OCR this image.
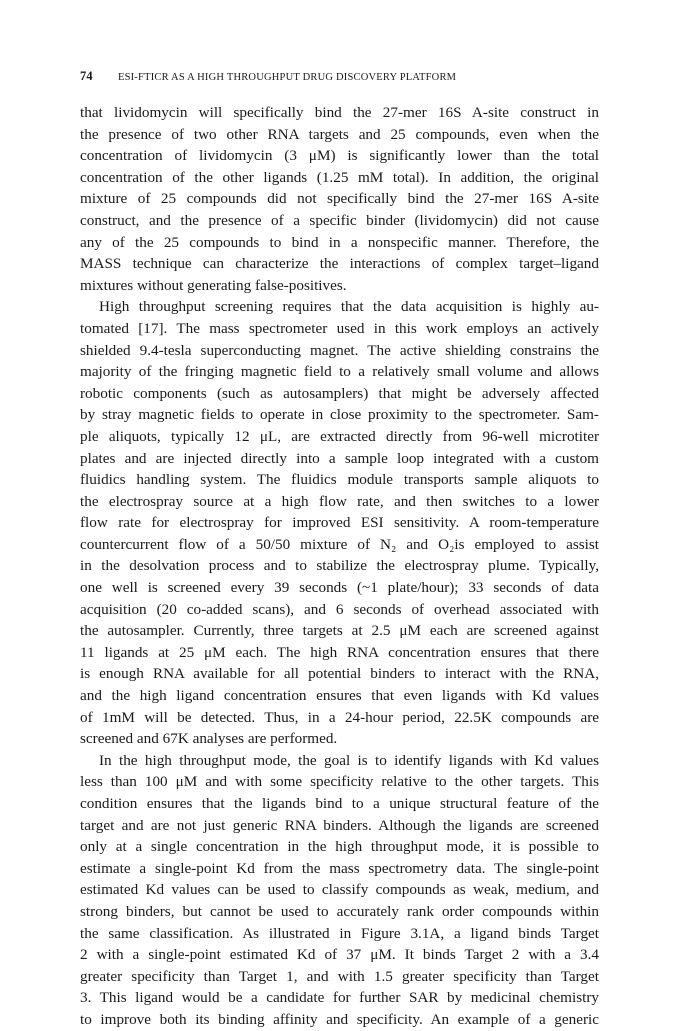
74 ESI-FTICR AS A HIGH THROUGHPUT DRUG DISCOVERY PLATFORM

that lividomycin will specifically bind the 27-mer 16S A-site construct in
the presence of two other RNA targets and 25 compounds, even when the
concentration of lividomycin (3 μM) is significantly lower than the total
concentration of the other ligands (1.25 mM total). In addition, the original
mixture of 25 compounds did not specifically bind the 27-mer 16S A-site
construct, and the presence of a specific binder (lividomycin) did not cause
any of the 25 compounds to bind in a nonspecific manner. Therefore, the
MASS technique can characterize the interactions of complex target–ligand
mixtures without generating false-positives.

High throughput screening requires that the data acquisition is highly au-
tomated [17]. The mass spectrometer used in this work employs an actively
shielded 9.4-tesla superconducting magnet. The active shielding constrains the
majority of the fringing magnetic field to a relatively small volume and allows
robotic components (such as autosamplers) that might be adversely affected
by stray magnetic fields to operate in close proximity to the spectrometer. Sam-
ple aliquots, typically 12 μL, are extracted directly from 96-well microtiter
plates and are injected directly into a sample loop integrated with a custom
fluidics handling system. The fluidics module transports sample aliquots to
the electrospray source at a high flow rate, and then switches to a lower
flow rate for electrospray for improved ESI sensitivity. A room-temperature
countercurrent flow of a 50/50 mixture of N₂ and O₂is employed to assist
in the desolvation process and to stabilize the electrospray plume. Typically,
one well is screened every 39 seconds (~1 plate/hour); 33 seconds of data
acquisition (20 co-added scans), and 6 seconds of overhead associated with
the autosampler. Currently, three targets at 2.5 μM each are screened against
11 ligands at 25 μM each. The high RNA concentration ensures that there
is enough RNA available for all potential binders to interact with the RNA,
and the high ligand concentration ensures that even ligands with Kd values
of 1mM will be detected. Thus, in a 24-hour period, 22.5K compounds are
screened and 67K analyses are performed.

In the high throughput mode, the goal is to identify ligands with Kd values
less than 100 μM and with some specificity relative to the other targets. This
condition ensures that the ligands bind to a unique structural feature of the
target and are not just generic RNA binders. Although the ligands are screened
only at a single concentration in the high throughput mode, it is possible to
estimate a single-point Kd from the mass spectrometry data. The single-point
estimated Kd values can be used to classify compounds as weak, medium, and
strong binders, but cannot be used to accurately rank order compounds within
the same classification. As illustrated in Figure 3.1A, a ligand binds Target
2 with a single-point estimated Kd of 37 μM. It binds Target 2 with a 3.4
greater specificity than Target 1, and with 1.5 greater specificity than Target
3. This ligand would be a candidate for further SAR by medicinal chemistry
to improve both its binding affinity and specificity. An example of a generic
